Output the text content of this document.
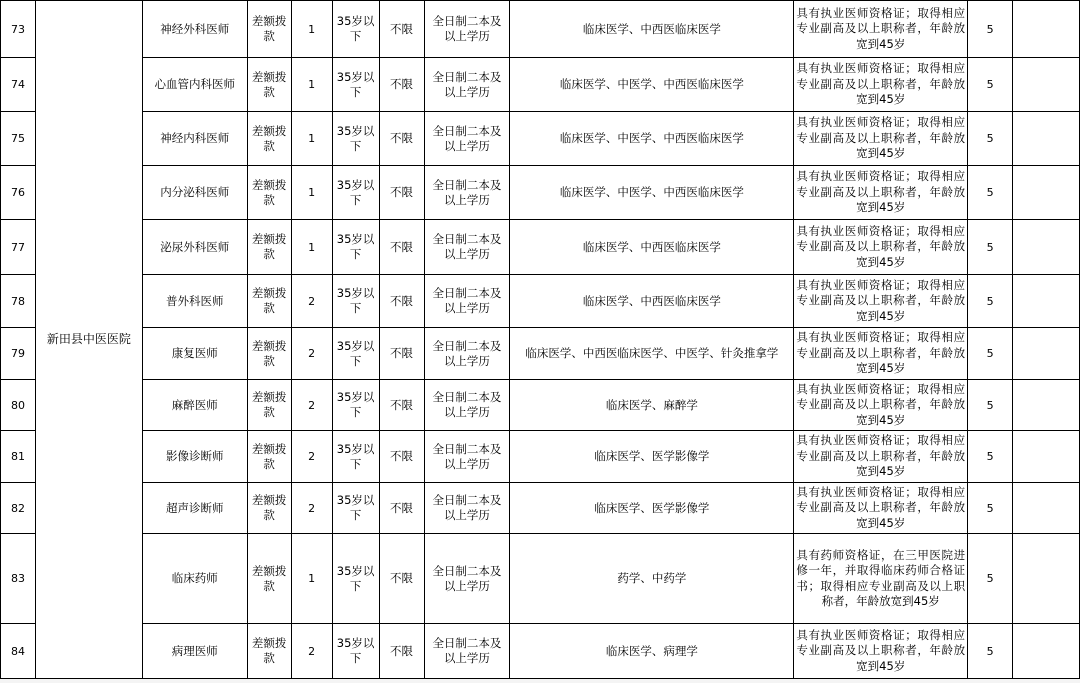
73	新田县中医医院	神经外科医师	差额拨款	1	35岁以下	不限	全日制二本及以上学历	临床医学、中西医临床医学	具有执业医师资格证；取得相应专业副高及以上职称者，年龄放宽到45岁	5	
74		心血管内科医师	差额拨款	1	35岁以下	不限	全日制二本及以上学历	临床医学、中医学、中西医临床医学	具有执业医师资格证；取得相应专业副高及以上职称者，年龄放宽到45岁	5	
75		神经内科医师	差额拨款	1	35岁以下	不限	全日制二本及以上学历	临床医学、中医学、中西医临床医学	具有执业医师资格证；取得相应专业副高及以上职称者，年龄放宽到45岁	5	
76		内分泌科医师	差额拨款	1	35岁以下	不限	全日制二本及以上学历	临床医学、中医学、中西医临床医学	具有执业医师资格证；取得相应专业副高及以上职称者，年龄放宽到45岁	5	
77		泌尿外科医师	差额拨款	1	35岁以下	不限	全日制二本及以上学历	临床医学、中西医临床医学	具有执业医师资格证；取得相应专业副高及以上职称者，年龄放宽到45岁	5	
78		普外科医师	差额拨款	2	35岁以下	不限	全日制二本及以上学历	临床医学、中西医临床医学	具有执业医师资格证；取得相应专业副高及以上职称者，年龄放宽到45岁	5	
79		康复医师	差额拨款	2	35岁以下	不限	全日制二本及以上学历	临床医学、中西医临床医学、中医学、针灸推拿学	具有执业医师资格证；取得相应专业副高及以上职称者，年龄放宽到45岁	5	
80		麻醉医师	差额拨款	2	35岁以下	不限	全日制二本及以上学历	临床医学、麻醉学	具有执业医师资格证；取得相应专业副高及以上职称者，年龄放宽到45岁	5	
81		影像诊断师	差额拨款	2	35岁以下	不限	全日制二本及以上学历	临床医学、医学影像学	具有执业医师资格证；取得相应专业副高及以上职称者，年龄放宽到45岁	5	
82		超声诊断师	差额拨款	2	35岁以下	不限	全日制二本及以上学历	临床医学、医学影像学	具有执业医师资格证；取得相应专业副高及以上职称者，年龄放宽到45岁	5	
83		临床药师	差额拨款	1	35岁以下	不限	全日制二本及以上学历	药学、中药学	具有药师资格证，在三甲医院进修一年，并取得临床药师合格证书；取得相应专业副高及以上职称者，年龄放宽到45岁	5	
84		病理医师	差额拨款	2	35岁以下	不限	全日制二本及以上学历	临床医学、病理学	具有执业医师资格证；取得相应专业副高及以上职称者，年龄放宽到45岁	5	
